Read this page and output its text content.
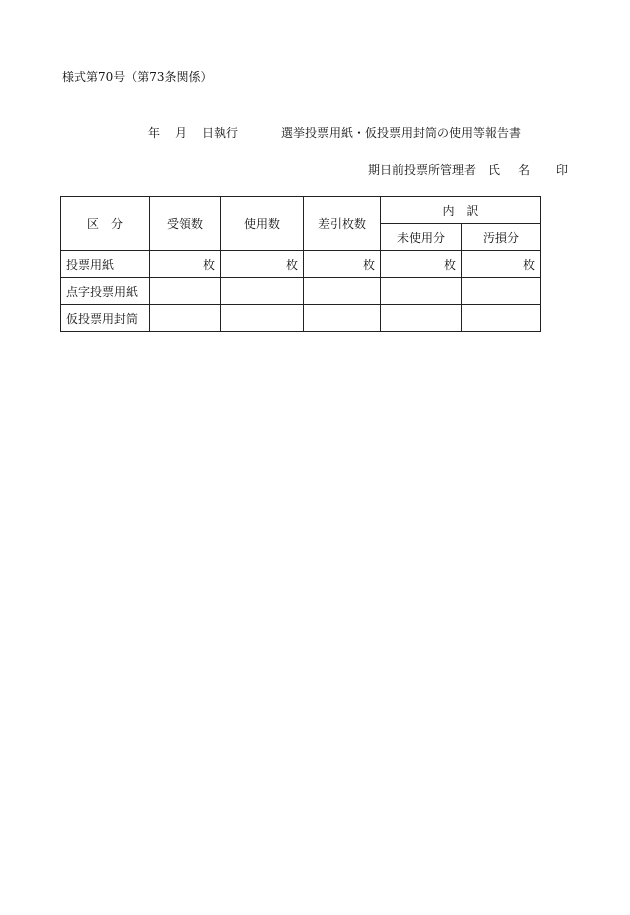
様式第70号（第73条関係）
年 月 日執行	選挙投票用紙・仮投票用封筒の使用等報告書
期日前投票所管理者 氏 名 印
区　分	受領数	使用数	差引枚数	内　訳	
				未使用分	汚損分
投票用紙	枚	枚	枚	枚	枚
点字投票用紙					
仮投票用封筒					
